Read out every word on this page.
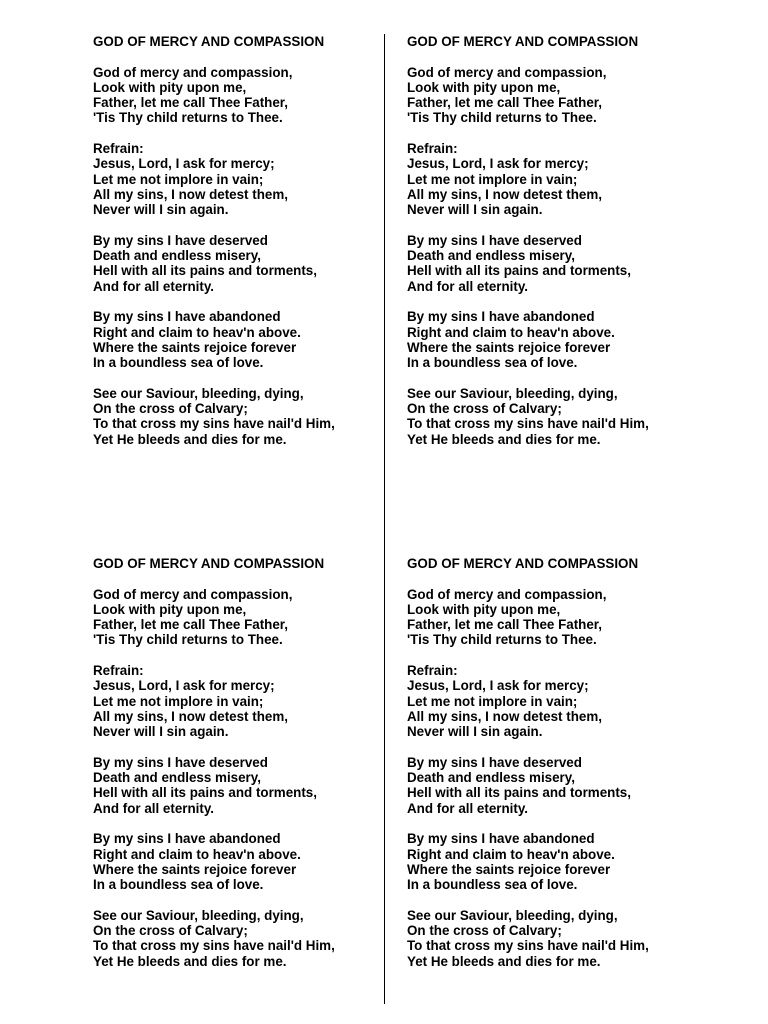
GOD OF MERCY AND COMPASSION
God of mercy and compassion,
Look with pity upon me,
Father, let me call Thee Father,
'Tis Thy child returns to Thee.
Refrain:
Jesus, Lord, I ask for mercy;
Let me not implore in vain;
All my sins, I now detest them,
Never will I sin again.
By my sins I have deserved
Death and endless misery,
Hell with all its pains and torments,
And for all eternity.
By my sins I have abandoned
Right and claim to heav'n above.
Where the saints rejoice forever
In a boundless sea of love.
See our Saviour, bleeding, dying,
On the cross of Calvary;
To that cross my sins have nail'd Him,
Yet He bleeds and dies for me.
GOD OF MERCY AND COMPASSION
God of mercy and compassion,
Look with pity upon me,
Father, let me call Thee Father,
'Tis Thy child returns to Thee.
Refrain:
Jesus, Lord, I ask for mercy;
Let me not implore in vain;
All my sins, I now detest them,
Never will I sin again.
By my sins I have deserved
Death and endless misery,
Hell with all its pains and torments,
And for all eternity.
By my sins I have abandoned
Right and claim to heav'n above.
Where the saints rejoice forever
In a boundless sea of love.
See our Saviour, bleeding, dying,
On the cross of Calvary;
To that cross my sins have nail'd Him,
Yet He bleeds and dies for me.
GOD OF MERCY AND COMPASSION
God of mercy and compassion,
Look with pity upon me,
Father, let me call Thee Father,
'Tis Thy child returns to Thee.
Refrain:
Jesus, Lord, I ask for mercy;
Let me not implore in vain;
All my sins, I now detest them,
Never will I sin again.
By my sins I have deserved
Death and endless misery,
Hell with all its pains and torments,
And for all eternity.
By my sins I have abandoned
Right and claim to heav'n above.
Where the saints rejoice forever
In a boundless sea of love.
See our Saviour, bleeding, dying,
On the cross of Calvary;
To that cross my sins have nail'd Him,
Yet He bleeds and dies for me.
GOD OF MERCY AND COMPASSION
God of mercy and compassion,
Look with pity upon me,
Father, let me call Thee Father,
'Tis Thy child returns to Thee.
Refrain:
Jesus, Lord, I ask for mercy;
Let me not implore in vain;
All my sins, I now detest them,
Never will I sin again.
By my sins I have deserved
Death and endless misery,
Hell with all its pains and torments,
And for all eternity.
By my sins I have abandoned
Right and claim to heav'n above.
Where the saints rejoice forever
In a boundless sea of love.
See our Saviour, bleeding, dying,
On the cross of Calvary;
To that cross my sins have nail'd Him,
Yet He bleeds and dies for me.
